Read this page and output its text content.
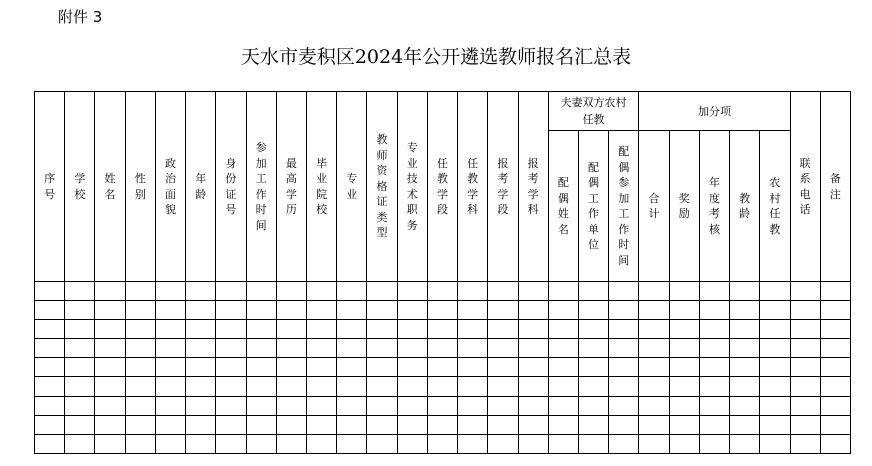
附件 3
天水市麦积区2024年公开遴选教师报名汇总表
序号	学校	姓名	性别	政治面貌	年龄	身份证号	参加工作时间	最高学历	毕业院校	专业	教师资格证类型	专业技术职务	任教学段	任教学科	报考学段	报考学科	夫妻双方农村任教			加分项					联系电话	备注
																	配偶姓名	配偶工作单位	配偶参加工作时间	合计	奖励	年度考核	教龄	农村任教		
